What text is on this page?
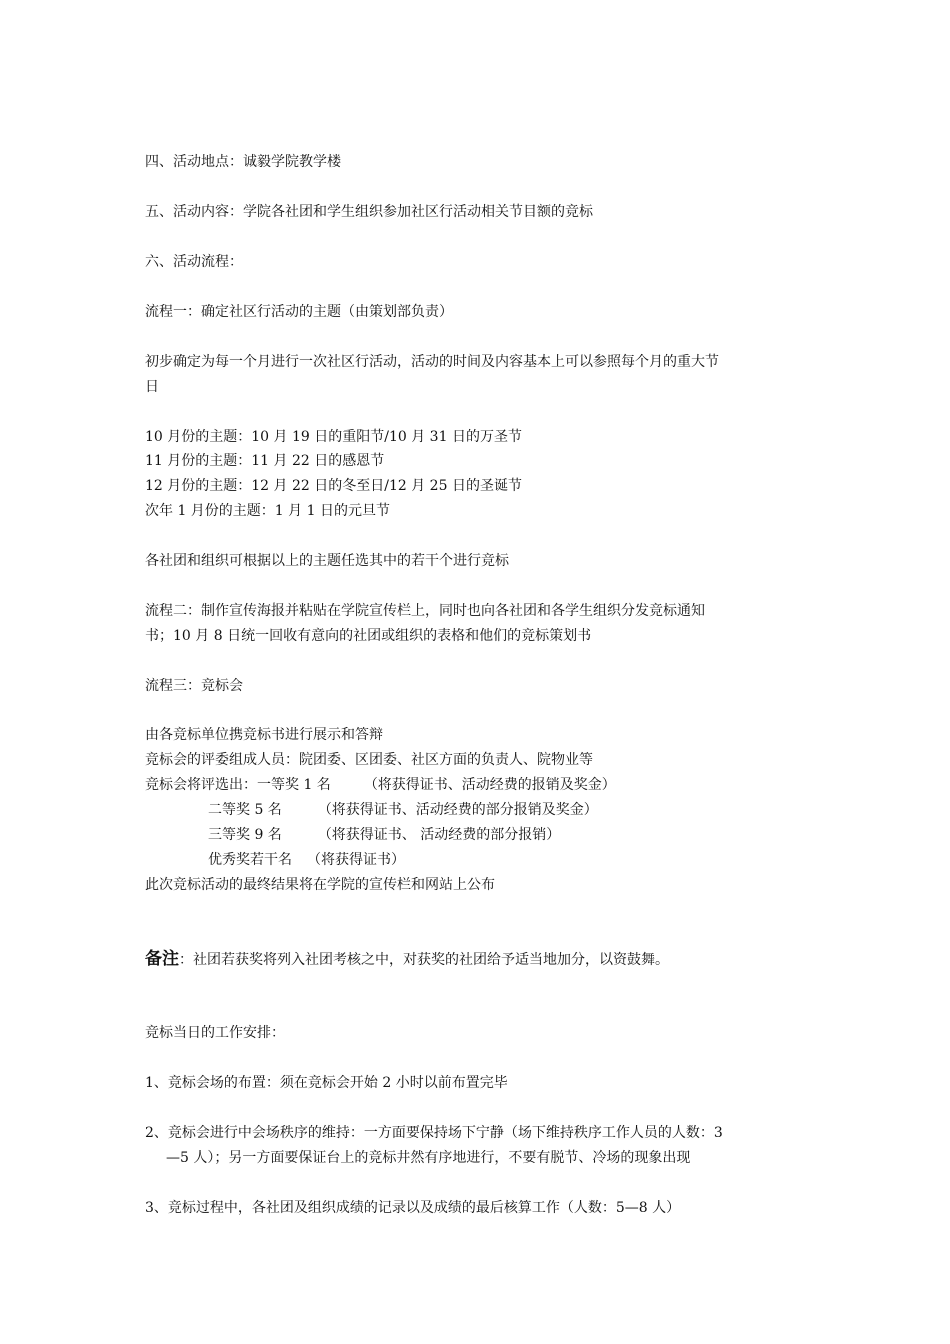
四、活动地点：诚毅学院教学楼
五、活动内容：学院各社团和学生组织参加社区行活动相关节目额的竞标
六、活动流程：
流程一：确定社区行活动的主题（由策划部负责）
初步确定为每一个月进行一次社区行活动，活动的时间及内容基本上可以参照每个月的重大节
日
10 月份的主题：10 月 19 日的重阳节/10 月 31 日的万圣节
11 月份的主题：11 月 22 日的感恩节
12 月份的主题：12 月 22 日的冬至日/12 月 25 日的圣诞节
次年 1 月份的主题：1 月 1 日的元旦节
各社团和组织可根据以上的主题任选其中的若干个进行竞标
流程二：制作宣传海报并粘贴在学院宣传栏上，同时也向各社团和各学生组织分发竞标通知
书；10 月 8 日统一回收有意向的社团或组织的表格和他们的竞标策划书
流程三：竞标会
由各竞标单位携竞标书进行展示和答辩
竞标会的评委组成人员：院团委、区团委、社区方面的负责人、院物业等
竞标会将评选出：一等奖 1 名 （将获得证书、活动经费的报销及奖金）
二等奖 5 名	（将获得证书、活动经费的部分报销及奖金）
三等奖 9 名	（将获得证书、 活动经费的部分报销）
优秀奖若干名 （将获得证书）
此次竞标活动的最终结果将在学院的宣传栏和网站上公布
备注：社团若获奖将列入社团考核之中，对获奖的社团给予适当地加分，以资鼓舞。
竞标当日的工作安排：
1、竞标会场的布置：须在竞标会开始 2 小时以前布置完毕
2、竞标会进行中会场秩序的维持：一方面要保持场下宁静（场下维持秩序工作人员的人数：3
—5 人）；另一方面要保证台上的竞标井然有序地进行，不要有脱节、冷场的现象出现
3、竞标过程中，各社团及组织成绩的记录以及成绩的最后核算工作（人数：5—8 人）
